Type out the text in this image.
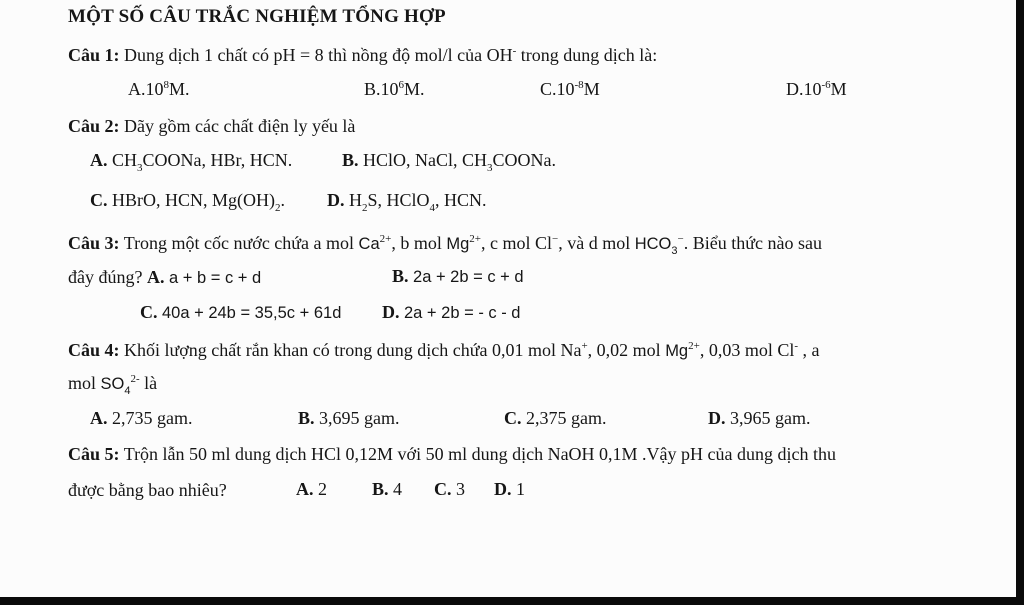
MỘT SỐ CÂU TRẮC NGHIỆM TỔNG HỢP
Câu 1: Dung dịch 1 chất có pH = 8 thì nồng độ mol/l của OH- trong dung dịch là:
$A.10^8M$.	$B.10^6M$.	$C.10^{-8}M$	$D.10^{-6}M$
Câu 2: Dãy gồm các chất điện ly yếu là
A. $CH_3COONa$, HBr, HCN.	B. HClO, NaCl, $CH_3COONa$.
C. HBrO, HCN, $Mg(OH)_2$. D. $H_2S$, HClO$_4$, HCN.
Câu 3: Trong một cốc nước chứa a mol $Ca^{2+}$, b mol $Mg^{2+}$, c mol Cl−, và d mol $HCO_3^-$. Biểu thức nào sau
đây đúng? A. a + b = c + d	B. 2a + 2b = c + d
C. 40a + 24b = 35,5c + 61d D. 2a + 2b = - c - d
Câu 4: Khối lượng chất rắn khan có trong dung dịch chứa 0,01 mol Na+, 0,02 mol $Mg^{2+}$, 0,03 mol Cl- , a
mol $SO_4^{2-}$ là
A. 2,735 gam.	B. 3,695 gam.	C. 2,375 gam.	D. 3,965 gam.
Câu 5: Trộn lẫn 50 ml dung dịch HCl 0,12M với 50 ml dung dịch NaOH 0,1M .Vậy pH của dung dịch thu
được bằng bao nhiêu?	A. 2	B. 4 C. 3 D. 1
